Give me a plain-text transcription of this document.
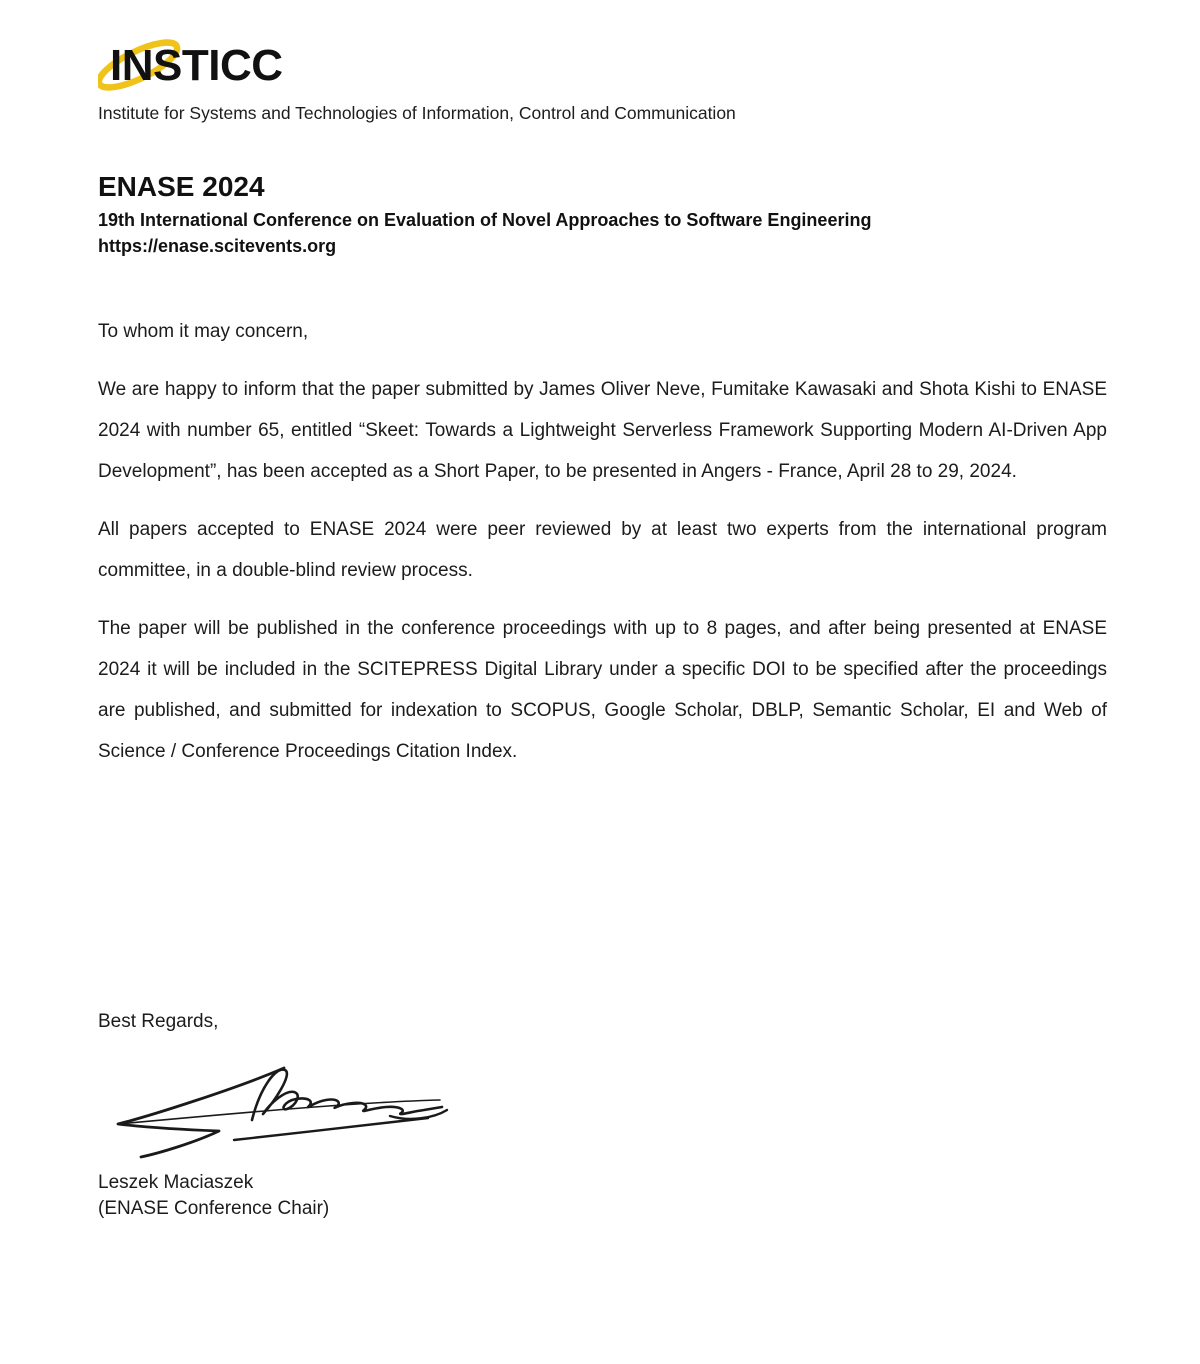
INSTICC
Institute for Systems and Technologies of Information, Control and Communication
ENASE 2024
19th International Conference on Evaluation of Novel Approaches to Software Engineering
https://enase.scitevents.org

To whom it may concern,

We are happy to inform that the paper submitted by James Oliver Neve, Fumitake Kawasaki and Shota Kishi to ENASE 2024 with number 65, entitled “Skeet: Towards a Lightweight Serverless Framework Supporting Modern AI-Driven App Development”, has been accepted as a Short Paper, to be presented in Angers - France, April 28 to 29, 2024.

All papers accepted to ENASE 2024 were peer reviewed by at least two experts from the international program committee, in a double-blind review process.

The paper will be published in the conference proceedings with up to 8 pages, and after being presented at ENASE 2024 it will be included in the SCITEPRESS Digital Library under a specific DOI to be specified after the proceedings are published, and submitted for indexation to SCOPUS, Google Scholar, DBLP, Semantic Scholar, EI and Web of Science / Conference Proceedings Citation Index.

Best Regards,

Leszek Maciaszek
(ENASE Conference Chair)
